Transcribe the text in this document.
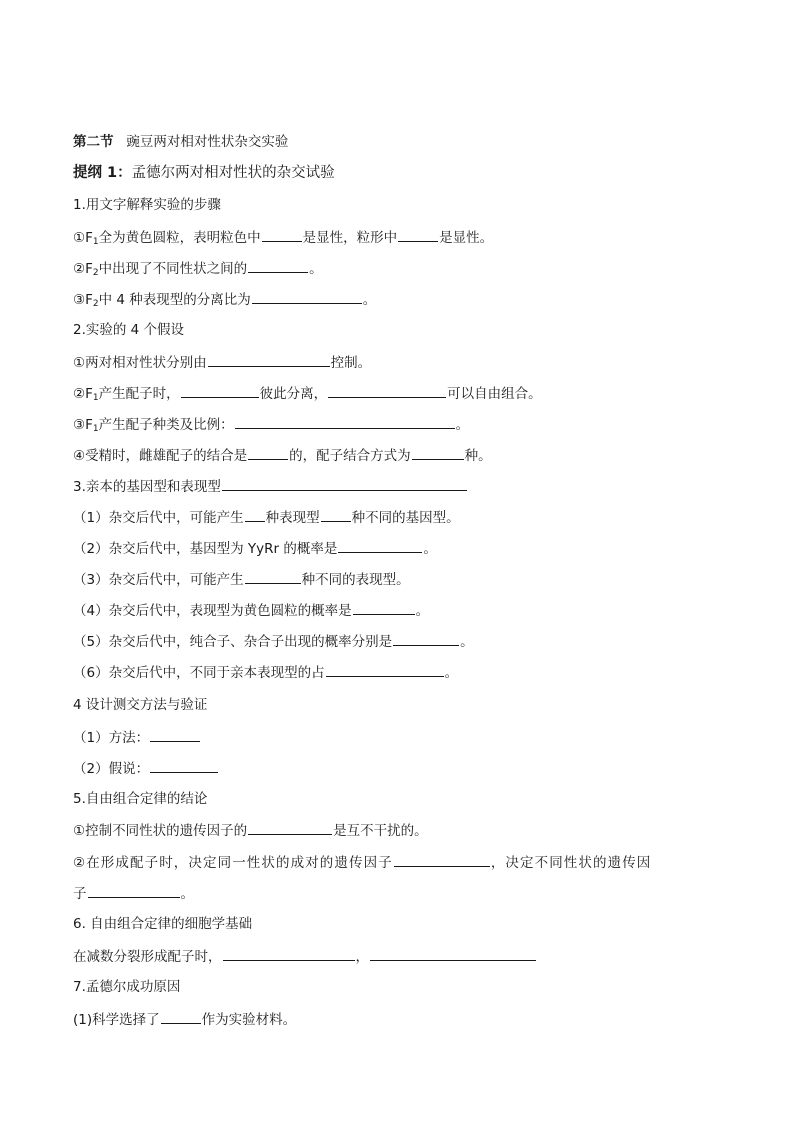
第二节 豌豆两对相对性状杂交实验
提纲 1：孟德尔两对相对性状的杂交试验
1.用文字解释实验的步骤
$①F_1$全为黄色圆粒，表明粒色中	是显性，粒形中	是显性。
$②F_2$中出现了不同性状之间的	。
$③F_2$中 4 种表现型的分离比为	。
2.实验的 4 个假设
①两对相对性状分别由	控制。
$②F_1$产生配子时，	彼此分离，	可以自由组合。
$③F_1$产生配子种类及比例：	。
④受精时，雌雄配子的结合是	的，配子结合方式为	种。
3.亲本的基因型和表现型
（1）杂交后代中，可能产生 种表现型 种不同的基因型。
（2）杂交后代中，基因型为 YyRr 的概率是	。
（3）杂交后代中，可能产生	种不同的表现型。
（4）杂交后代中，表现型为黄色圆粒的概率是	。
（5）杂交后代中，纯合子、杂合子出现的概率分别是	。
（6）杂交后代中，不同于亲本表现型的占	。
4 设计测交方法与验证
（1）方法：
（2）假说：
5.自由组合定律的结论
①控制不同性状的遗传因子的	是互不干扰的。
②在形成配子时，决定同一性状的成对的遗传因子	，决定不同性状的遗传因
子	。
6. 自由组合定律的细胞学基础
在减数分裂形成配子时，	，
7.孟德尔成功原因
(1)科学选择了	作为实验材料。
